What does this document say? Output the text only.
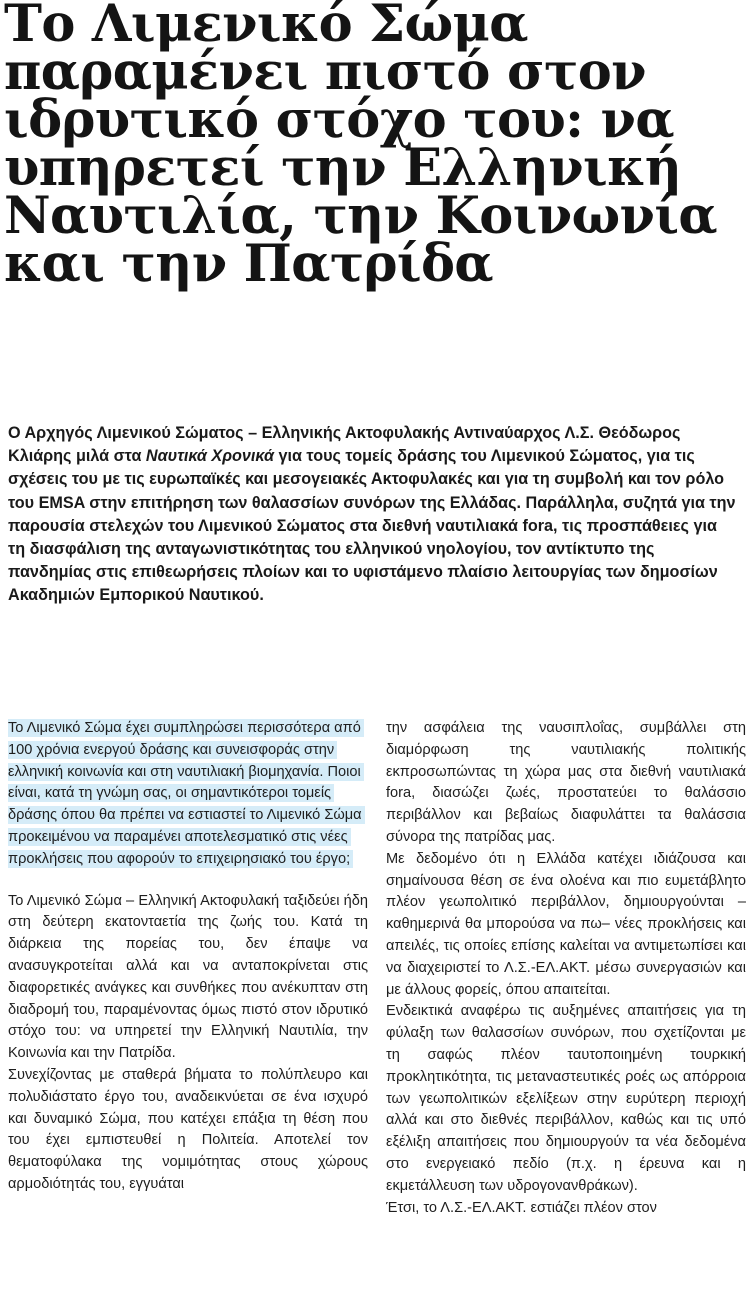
Το Λιμενικό Σώμα παραμένει πιστό στον ιδρυτικό στόχο του: να υπηρετεί την Ελληνική Ναυτιλία, την Κοινωνία και την Πατρίδα

Ο Αρχηγός Λιμενικού Σώματος – Ελληνικής Ακτοφυλακής Αντιναύαρχος Λ.Σ. Θεόδωρος Κλιάρης μιλά στα Ναυτικά Χρονικά για τους τομείς δράσης του Λιμενικού Σώματος, για τις σχέσεις του με τις ευρωπαϊκές και μεσογειακές Ακτοφυλακές και για τη συμβολή και τον ρόλο του EMSA στην επιτήρηση των θαλασσίων συνόρων της Ελλάδας. Παράλληλα, συζητά για την παρουσία στελεχών του Λιμενικού Σώματος στα διεθνή ναυτιλιακά fora, τις προσπάθειες για τη διασφάλιση της ανταγωνιστικότητας του ελληνικού νηολογίου, τον αντίκτυπο της πανδημίας στις επιθεωρήσεις πλοίων και το υφιστάμενο πλαίσιο λειτουργίας των δημοσίων Ακαδημιών Εμπορικού Ναυτικού.

Το Λιμενικό Σώμα έχει συμπληρώσει περισσότερα από 100 χρόνια ενεργού δράσης και συνεισφοράς στην ελληνική κοινωνία και στη ναυτιλιακή βιομηχανία. Ποιοι είναι, κατά τη γνώμη σας, οι σημαντικότεροι τομείς δράσης όπου θα πρέπει να εστιαστεί το Λιμενικό Σώμα προκειμένου να παραμένει αποτελεσματικό στις νέες προκλήσεις που αφορούν το επιχειρησιακό του έργο;

Το Λιμενικό Σώμα – Ελληνική Ακτοφυλακή ταξιδεύει ήδη στη δεύτερη εκατονταετία της ζωής του. Κατά τη διάρκεια της πορείας του, δεν έπαψε να ανασυγκροτείται αλλά και να ανταποκρίνεται στις διαφορετικές ανάγκες και συνθήκες που ανέκυπταν στη διαδρομή του, παραμένοντας όμως πιστό στον ιδρυτικό στόχο του: να υπηρετεί την Ελληνική Ναυτιλία, την Κοινωνία και την Πατρίδα.

Συνεχίζοντας με σταθερά βήματα το πολύπλευρο και πολυδιάστατο έργο του, αναδεικνύεται σε ένα ισχυρό και δυναμικό Σώμα, που κατέχει επάξια τη θέση που του έχει εμπιστευθεί η Πολιτεία. Αποτελεί τον θεματοφύλακα της νομιμότητας στους χώρους αρμοδιότητάς του, εγγυάται

την ασφάλεια της ναυσιπλοΐας, συμβάλλει στη διαμόρφωση της ναυτιλιακής πολιτικής εκπροσωπώντας τη χώρα μας στα διεθνή ναυτιλιακά fora, διασώζει ζωές, προστατεύει το θαλάσσιο περιβάλλον και βεβαίως διαφυλάττει τα θαλάσσια σύνορα της πατρίδας μας.

Με δεδομένο ότι η Ελλάδα κατέχει ιδιάζουσα και σημαίνουσα θέση σε ένα ολοένα και πιο ευμετάβλητο πλέον γεωπολιτικό περιβάλλον, δημιουργούνται –καθημερινά θα μπορούσα να πω– νέες προκλήσεις και απειλές, τις οποίες επίσης καλείται να αντιμετωπίσει και να διαχειριστεί το Λ.Σ.-ΕΛ.ΑΚΤ. μέσω συνεργασιών και με άλλους φορείς, όπου απαιτείται.

Ενδεικτικά αναφέρω τις αυξημένες απαιτήσεις για τη φύλαξη των θαλασσίων συνόρων, που σχετίζονται με τη σαφώς πλέον ταυτοποιημένη τουρκική προκλητικότητα, τις μεταναστευτικές ροές ως απόρροια των γεωπολιτικών εξελίξεων στην ευρύτερη περιοχή αλλά και στο διεθνές περιβάλλον, καθώς και τις υπό εξέλιξη απαιτήσεις που δημιουργούν τα νέα δεδομένα στο ενεργειακό πεδίο (π.χ. η έρευνα και η εκμετάλλευση των υδρογονανθράκων).

Έτσι, το Λ.Σ.-ΕΛ.ΑΚΤ. εστιάζει πλέον στον
